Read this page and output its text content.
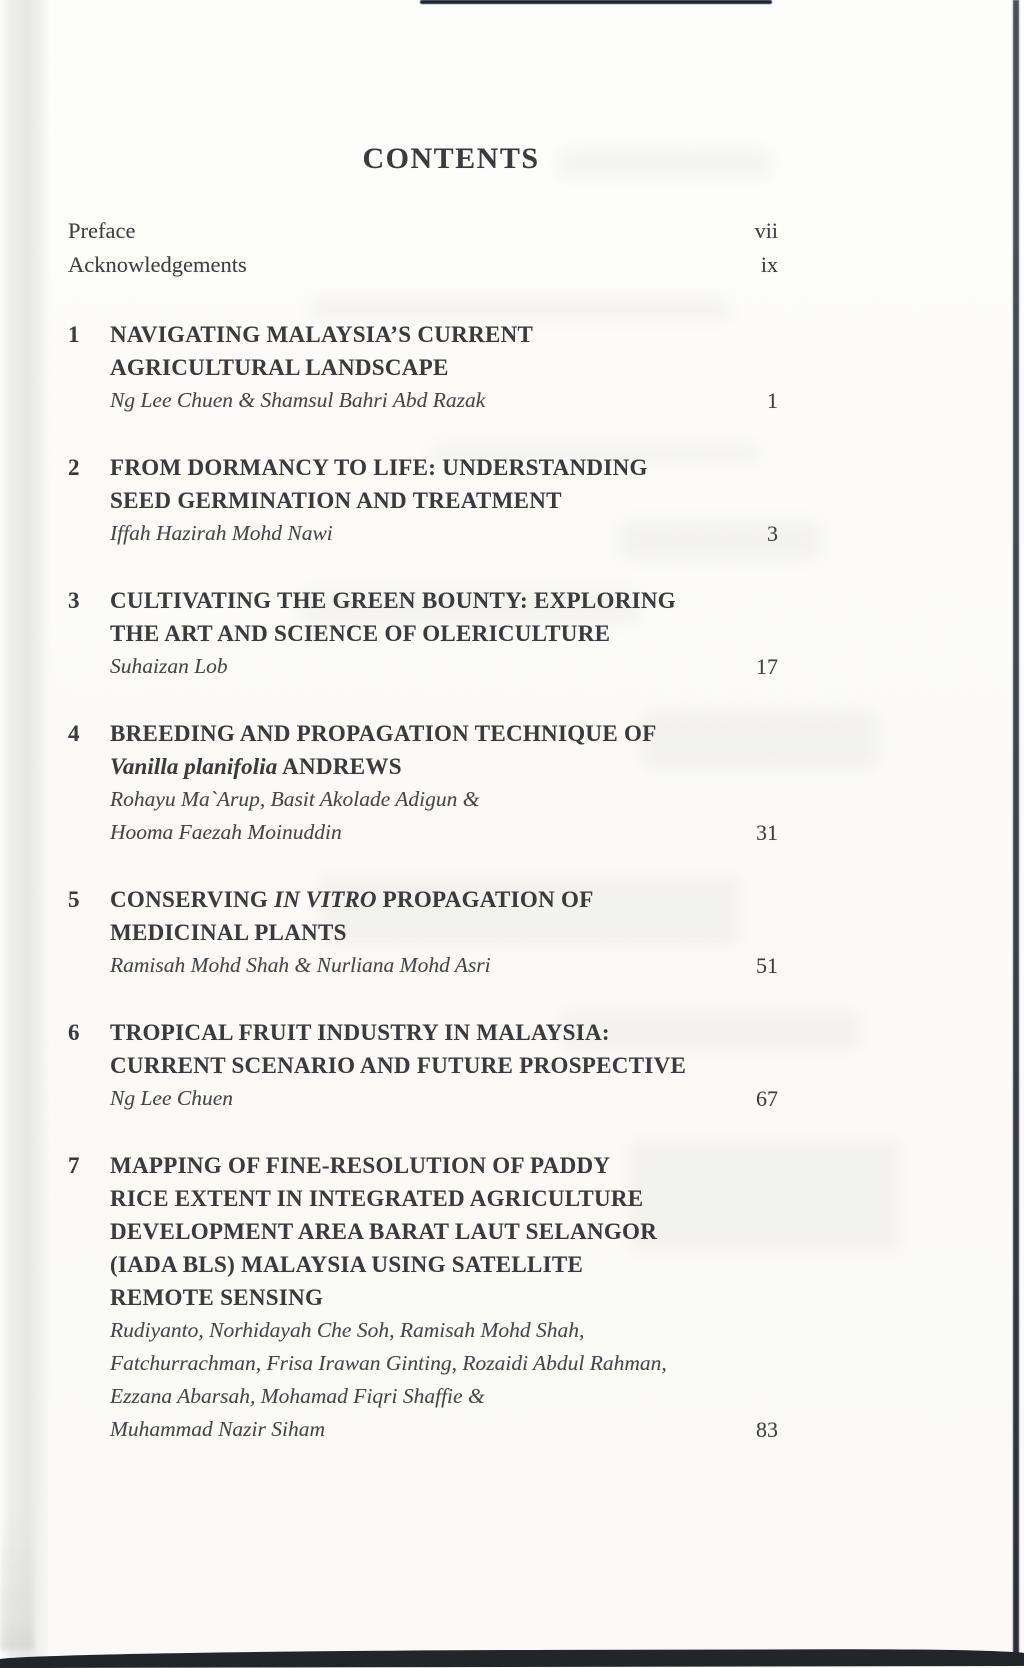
CONTENTS
Preface	vii
Acknowledgements	ix
1	NAVIGATING MALAYSIA’S CURRENT
AGRICULTURAL LANDSCAPE
Ng Lee Chuen & Shamsul Bahri Abd Razak	1
2	FROM DORMANCY TO LIFE: UNDERSTANDING
SEED GERMINATION AND TREATMENT
Iffah Hazirah Mohd Nawi	3
3	CULTIVATING THE GREEN BOUNTY: EXPLORING
THE ART AND SCIENCE OF OLERICULTURE
Suhaizan Lob	17
4	BREEDING AND PROPAGATION TECHNIQUE OF
Vanilla planifolia ANDREWS
Rohayu Ma`Arup, Basit Akolade Adigun &
Hooma Faezah Moinuddin	31
5	CONSERVING IN VITRO PROPAGATION OF
MEDICINAL PLANTS
Ramisah Mohd Shah & Nurliana Mohd Asri	51
6	TROPICAL FRUIT INDUSTRY IN MALAYSIA:
CURRENT SCENARIO AND FUTURE PROSPECTIVE
Ng Lee Chuen	67
7	MAPPING OF FINE-RESOLUTION OF PADDY
RICE EXTENT IN INTEGRATED AGRICULTURE
DEVELOPMENT AREA BARAT LAUT SELANGOR
(IADA BLS) MALAYSIA USING SATELLITE
REMOTE SENSING
Rudiyanto, Norhidayah Che Soh, Ramisah Mohd Shah,
Fatchurrachman, Frisa Irawan Ginting, Rozaidi Abdul Rahman,
Ezzana Abarsah, Mohamad Fiqri Shaffie &
Muhammad Nazir Siham	83
